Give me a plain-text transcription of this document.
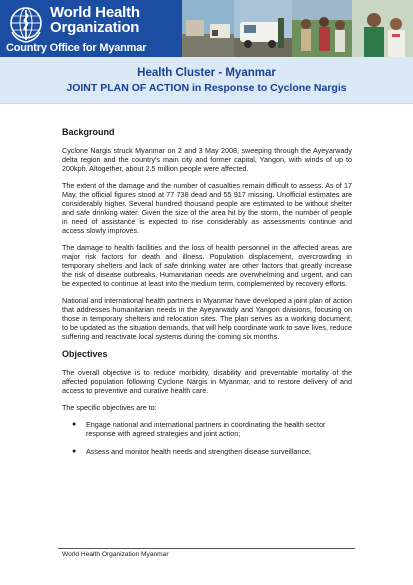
World Health
Organization
Country Office for Myanmar
Health Cluster - Myanmar
JOINT PLAN OF ACTION in Response to Cyclone Nargis
Background

Cyclone Nargis struck Myanmar on 2 and 3 May 2008, sweeping through the Ayeyarwady delta region and the country's main city and former capital, Yangon, with winds of up to 200kph. Altogether, about 2.5 million people were affected.

The extent of the damage and the number of casualties remain difficult to assess. As of 17 May, the official figures stood at 77 738 dead and 55 917 missing. Unofficial estimates are considerably higher. Several hundred thousand people are estimated to be without shelter and safe drinking water. Given the size of the area hit by the storm, the number of people in need of assistance is expected to rise considerably as assessments continue and access slowly improves.

The damage to health facilities and the loss of health personnel in the affected areas are major risk factors for death and illness. Population displacement, overcrowding in temporary shelters and lack of safe drinking water are other factors that greatly increase the risk of disease outbreaks. Humanitarian needs are overwhelming and urgent, and can be expected to continue at least into the medium term, complemented by recovery efforts.

National and international health partners in Myanmar have developed a joint plan of action that addresses humanitarian needs in the Ayeyarwady and Yangon divisions, focusing on those in temporary shelters and relocation sites. The plan serves as a working document, to be updated as the situation demands, that will help coordinate work to save lives, reduce suffering and reactivate local systems during the coming six months.

Objectives

The overall objective is to reduce morbidity, disability and preventable mortality of the affected population following Cyclone Nargis in Myanmar, and to restore delivery of and access to preventive and curative health care.

The specific objectives are to:

● Engage national and international partners in coordinating the health sector response with agreed strategies and joint action;
● Assess and monitor health needs and strengthen disease surveillance;
World Health Organization Myanmar
